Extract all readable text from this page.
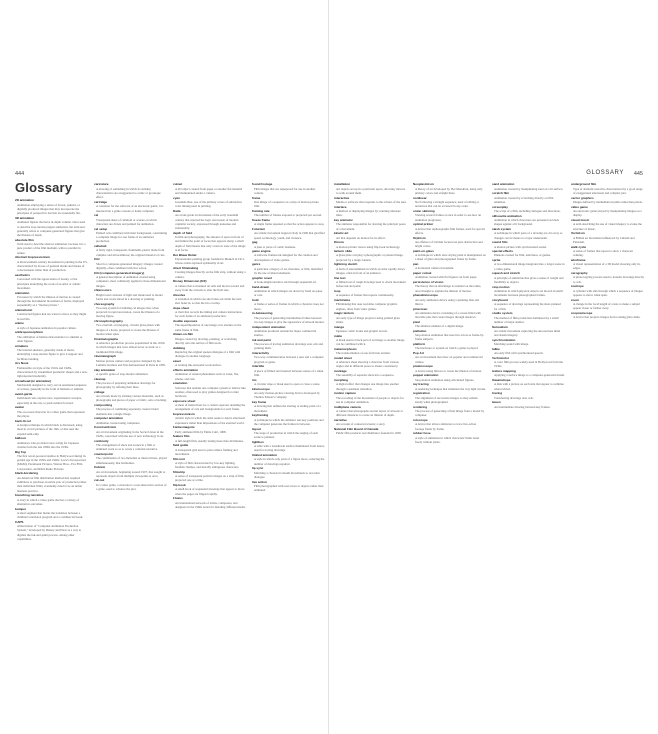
444	445
GLOSSARY
Glossary
2D animation
Animation employing a series of drawn, painted, or digitally produced images that may incorporate the principles of perspective but that are essentially flat.
3D animation
Animated figures that have in-depth volume. Once used to describe stop-motion puppet animation, the term now generally refers to computer-generated figures that give the illusion of depth.
absolute film
Term used to describe abstract animation, because it is a pure product of the film medium, with no parallel in nature.
Abstract Expressionism
A mid-twentieth-century movement in painting in the US, characterized by its use of gestural marks and means of consciousness rather than of production.
aesthetics
Concerned with the appreciation of beauty, or the principles underlying the work of an artist or artistic movement.
animation
Processes by which the illusion of motion is created through the incremental movement of forms, displayed sequentially as a "motion picture."
animatronic
Constructed figures that are wired to move as they might in real life.
anime
A style of Japanese animation in popular culture.
anthropomorphism
The attribution of human characteristics to animals or other figures.
armature
The internal skeleton, generally made of metal, underlying a stop-motion figure to give it support and facilitate bending.
Ars Nova
Fashionable art style of the 1910s and 1920s, characterized by streamlined geometric shapes and a new, light-hearted modernity.
arrowhead (in animation)
Mechanism designed to carry out an automated sequence of actions, generally in the form of humans or animals.
avant-garde
Individuals who explore new, experimental concepts, especially in the arts, to push cultural forward.
avatar
The on-screen character in a video game that represents the player.
back-lit cel
A design technique in which black is discussed, using most in crowd pictures of the 16th, or that uses the expand semi-only.
balloon
Animators who provided voice acting for Japanese cinema from the late 1800s into the 1930s.
Big Top
The first novel-powered studios in Hollywood during its golden age in the 1930s and 1940s: Loew's Incorporated (MGM), Paramount Pictures, Warner Bros., Fox Film Corporation, and RKO Radio Pictures.
black-bordering
An American film distribution method that required exhibitors to purchase an entire year of production rather than individual films; eventually ruled to be an unfair business practice.
branching narrative
A story in which a video game that has a variety of alternative outcomes.
bumper
A short segment that marks the transition between a children's television program and a commercial break.
CAPS
Abbreviation of "Computer Animation Production System," developed by Disney and Pixar as a way to digitize the ink-and-paint process, among other capabilities.
caricature
A drawing of something in which its striking characteristics are exaggerated to comic or grotesque effect.
cartridge
A container for the software of an electronic game; it is inserted into a game console or home computer.
cel
Transparent sheet of celluloid or acetate on which characters are drawn and painted for animation.
cel setup
Painted cels combined with their background, constituting a complete image for one frame of an animated production.
celluloid
A fairly rigid, transparent, flammable plastic made from camphor and nitrocellulose; the original material of cels.
CGI
Short for computer-generated imagery: images created digitally, often combined with live action.
CGI (computer-generated imagery)
A general description of animation created using computers, most commonly applied to three-dimensional images.
chiaroscuro
Bright tonal contrasts of light and shade used to model forms and create mood in a drawing or painting.
choreography
Two-step system for building cel images that, when projected in rapid succession, create the illusion of a moving figure.
chronophotography
Two overlaid, overlapping, circular glass plates with images of a horse, projected to create the illusion of motion when spun.
Cinématographe
A reference production process popularized in the 1910s in which images that were almost never as static as a traditional film image.
cinematograph
Motion picture camera and projector designed by the Lumière brothers and first demonstrated in Paris in 1895.
clay animation
A specific genre of stop-motion animation.
cleanup
The process of preparing animation drawings for photography by refining their lines.
collage
An artwork made by sticking various materials, such as photographs and pieces of paper or fabric, onto a backing.
compositing
The process of combining separately created visual elements into a single image.
computer animation
Animation created using computers.
Constructivism
An art movement originating in the Soviet Union in the 1920s, concerned with the use of new technology in art.
continuity
The arrangement of shots and scenes in a film or animated work so as to create a coherent narrative.
counterpoint
The combination of two melodies or musical lines, played simultaneously, that harmonize.
Cubism
An art movement, beginning around 1907, that sought to represent objects from multiple viewpoints at once.
cut-out
In a video game, a cutscene is a non-interactive section of a game, used to advance the plot.
cutout
A 2D object created from paper or another flat material and manipulated under a camera.
cyan
Greenish-blue, one of the primary colors of subtractive color mixing used in printing.
Dada
An avant-garde art movement of the early twentieth century that rejected the logic and reason of modern capitalist society, expressed through nonsense and irrationality.
depth of field
In film and photography, the amount of space in front of and behind the point of focus that appears sharp; a small depth of field means that only a narrow zone of the image is in focus.
Der Blaue Reiter
Expressionist painting group founded in Munich in 1911, whose artists explored spirituality in art.
direct filmmaking
Creating images directly on the film strip, without using a camera.
Disney Dimension (DX)
A camera that is mounted on rails and moves toward and away from the artwork to alter the field size.
dissolve
A transition in which one shot fades out while the next shot fades in, so that the two overlap.
dope sheet
A chart that records the timing and camera instructions for each frame of an animated production.
double exposure
The superimposition of one image over another on the same frame of film.
drawn-on-film
Images created by drawing, painting, or scratching directly onto the surface of film stock.
dubbing
Replacing the original spoken dialogue of a film with dialogue in another language.
easel
A rotating ink-and-paint work surface.
effects animation
Animation of natural phenomena such as water, fire, smoke, and rain.
emulation
Software that enables one computer system to behave like another, often used to play games designed for older hardware.
exposure sheet
A sheet of instructions for a camera operator detailing the arrangement of cels and backgrounds for each frame.
Expressionism
Artistic style in which the artist seeks to depict emotional experience rather than impressions of the external world.
Fantasmagorie
Early animated film by Émile Cohl, 1908.
feature film
A full-length film, usually lasting more than 40 minutes.
field guide
A transparent grid used to plan camera framing and movements.
film noir
A style of film characterized by low-key lighting, fatalistic themes, and morally ambiguous characters.
filmstrip
A series of transparent positive images on a strip of film, projected one at a time.
flip book
A small book of sequential drawings that appear to move when the pages are flipped rapidly.
Fluxus
An international network of artists, composers, and designers in the 1960s noted for blending different media.
found footage
Film images that are repurposed for use in another context.
frame
One image of a sequence on a strip of motion-picture film.
framing rate
The number of frames exposed or projected per second.
freeze frame
A single frame repeated so that the action appears to stop.
Futurism
An artistic movement begun in Italy in 1909 that glorified speed, technology, youth, and violence.
gag
A joke or piece of comic business.
game engine
A software framework designed for the creation and development of video games.
genre
A particular category of art, literature, or film, identified by the use of shared elements.
graphic novel
A book-length narrative told through sequential art.
hand-drawn
Animation in which images are drawn by hand on paper or cels.
hold
A frame or series of frames in which a character does not move.
in-betweening
The process of generating intermediate frames between two key images to give the appearance of smooth motion.
independent animation
Animation produced outside the major commercial studios.
ink and paint
The process of tracing animation drawings onto cels and painting them.
interactivity
Two-way communication between a user and a computer program or game.
intertitle
A piece of filmed text inserted between scenes of a silent film.
iris
A circular wipe or mask used to open or close a scene.
kinetoscope
An early motion-picture viewing device developed by Thomas Edison's company.
key frame
A drawing that defines the starting or ending point of a movement.
keyframing
A technique in which the animator sets key positions and the computer generates the frames in between.
layout
The stage of production in which the staging of each scene is planned.
lightbox
A table with a translucent surface illuminated from below, used for tracing drawings.
limited animation
A style in which only parts of a figure move, reducing the number of drawings required.
lip sync
Matching a character's mouth movements to recorded dialogue.
live action
Film photographed with real actors or objects rather than animated.
installation
Art objects set up in a particular space, allowing viewers to walk around them.
interactive
Media or software that responds to the actions of the user.
interlace
A method of displaying images by scanning alternate lines.
key animator
The animator responsible for drawing the principal poses of a movement.
kinetic art
Art that depends on motion for its effect.
Kinora
A motion-picture viewer using flip-book technology.
lantern slide
A glass plate carrying a photographic or painted image, projected by a magic lantern.
lightning sketch
A form of entertainment in which an artist rapidly draws images, often in front of an audience.
line test
A filmed test of rough drawings used to check movement before ink and paint.
loop
A sequence of frames that repeats continuously.
machinima
Filmmaking that uses real-time computer graphics engines, often from video games.
magic lantern
An early type of image projector using painted glass slides.
manga
Japanese comic books and graphic novels.
matte
A mask used to block part of an image so another image can be combined with it.
metamorphosis
The transformation of one form into another.
model sheet
A reference sheet showing a character from various angles and in different poses to ensure consistency.
montage
The assembly of separate shots into a sequence.
morphing
A digital effect that changes one image into another through a seamless transition.
motion capture
The recording of the movement of people or objects for use in computer animation.
multiplane camera
A camera that photographs several layers of artwork at different distances to create an illusion of depth.
narrative
An account of connected events; a story.
National Film Board of Canada
Public film producer and distributor founded in 1939.
Neoplasticism
A theory of art developed by Piet Mondrian, using only primary colors and straight lines.
nonlinear
Not following a straight sequence; used of editing or narratives that can be accessed in any order.
onion skinning
Viewing several frames at once in order to see how an animation progresses.
optical printer
A device that rephotographs film frames, used for special effects.
Orphism
An offshoot of Cubism focused on pure abstraction and bright colors.
paint-on-glass
A technique in which slow-drying paint is manipulated on a sheet of glass and photographed frame by frame.
pan
A horizontal camera movement.
paper cutout
Animation created with flat figures cut from paper.
persistence of vision
The theory that an afterimage is retained on the retina, once thought to explain the illusion of motion.
phenakistoscope
An early animation device using a spinning disk and mirror.
pinscreen
An animation device consisting of a screen filled with movable pins that create images through shadows.
pixel
The smallest element of a digital image.
pixilation
Stop-motion animation that uses live actors as frame-by-frame subjects.
platform
The hardware or system on which a game is played.
Pop Art
An art movement that drew on popular and commercial culture.
praxinoscope
A device using mirrors to create the illusion of motion.
puppet animation
Stop-motion animation using articulated figures.
ray tracing
A rendering technique that simulates the way light travels.
registration
The alignment of successive images so they remain steady when photographed.
rendering
The process of generating a final image from a model by computer.
rotoscope
A device that allows animators to trace live-action footage frame by frame.
rubber hose
A style of animation in which characters' limbs bend freely without joints.
sand animation
Animation created by manipulating sand on a lit surface.
scratch film
Animation created by scratching directly on film emulsion.
screenplay
The script of a film, including dialogue and directions.
silhouette animation
Animation in which characters are presented as black shapes against a lit background.
slash system
A technique in which parts of a drawing are cut away so changes can be made on a layer underneath.
sound film
A motion picture with synchronized sound.
special effects
Illusions created for film, television, or games.
sprite
A two-dimensional image integrated into a larger scene in a video game.
squash and stretch
A principle of animation that gives a sense of weight and flexibility to objects.
stop motion
Animation in which physical objects are moved in small increments between photographed frames.
storyboard
A sequence of drawings representing the shots planned for a film.
studio system
The method of film production dominated by a small number of major studios.
Surrealism
An artistic movement exploring the unconscious mind and dream imagery.
synchronization
Matching sound with image.
talkie
An early film with synchronized speech.
Technicolor
A color film process widely used in Hollywood from the 1930s.
texture mapping
Applying a surface image to a computer-generated model.
thaumatrope
A disk with a picture on each side that appear to combine when twirled.
tracing
Transferring drawings onto cels.
tween
An intermediate drawing between key frames.
underground film
Type of dramatic narrative characterized by a good range of exaggerated emotional and complex plot.
vector graphics
Images defined by mathematical paths rather than pixels.
video game
An electronic game played by manipulating images on a display.
visual music
A term describing the use of visual imagery to evoke the structure of music.
Vorticism
A British art movement influenced by Cubism and Futurism.
walk cycle
A series of frames that repeat to show a character walking.
wireframe
A visual representation of a 3D model showing only its edges.
xerography
A photocopying process used to transfer drawings directly to cels.
zoetrope
A cylinder with slits through which a sequence of images appears to move when spun.
zoom
A change in the focal length of a lens to make a subject appear closer or farther away.
zoopraxiscope
A device that projects images from rotating glass disks.
